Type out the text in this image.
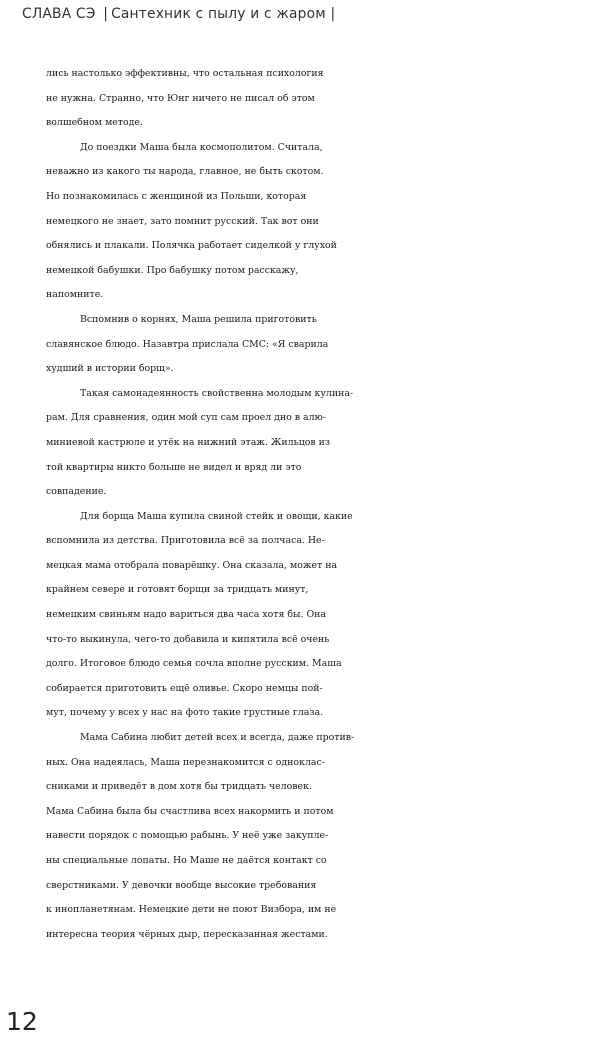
СЛАВА СЭ | Сантехник с пылу и с жаром |
лись настолько эффективны, что остальная психология
не нужна. Странно, что Юнг ничего не писал об этом
волшебном методе.
До поездки Маша была космополитом. Считала,
неважно из какого ты народа, главное, не быть скотом.
Но познакомилась с женщиной из Польши, которая
немецкого не знает, зато помнит русский. Так вот они
обнялись и плакали. Полячка работает сиделкой у глухой
немецкой бабушки. Про бабушку потом расскажу,
напомните.
Вспомнив о корнях, Маша решила приготовить
славянское блюдо. Назавтра прислала СМС: «Я сварила
худший в истории борщ».
Такая самонадеянность свойственна молодым кулина-
рам. Для сравнения, один мой суп сам проел дно в алю-
миниевой кастрюле и утёк на нижний этаж. Жильцов из
той квартиры никто больше не видел и вряд ли это
совпадение.
Для борща Маша купила свиной стейк и овощи, какие
вспомнила из детства. Приготовила всё за полчаса. Не-
мецкая мама отобрала поварёшку. Она сказала, может на
крайнем севере и готовят борщи за тридцать минут,
немецким свиньям надо вариться два часа хотя бы. Она
что-то выкинула, чего-то добавила и кипятила всё очень
долго. Итоговое блюдо семья сочла вполне русским. Маша
собирается приготовить ещё оливье. Скоро немцы пой-
мут, почему у всех у нас на фото такие грустные глаза.
Мама Сабина любит детей всех и всегда, даже против-
ных. Она надеялась, Маша перезнакомится с одноклас-
сниками и приведёт в дом хотя бы тридцать человек.
Мама Сабина была бы счастлива всех накормить и потом
навести порядок с помощью рабынь. У неё уже закупле-
ны специальные лопаты. Но Маше не даётся контакт со
сверстниками. У девочки вообще высокие требования
к инопланетянам. Немецкие дети не поют Визбора, им не
интересна теория чёрных дыр, пересказанная жестами.
12
